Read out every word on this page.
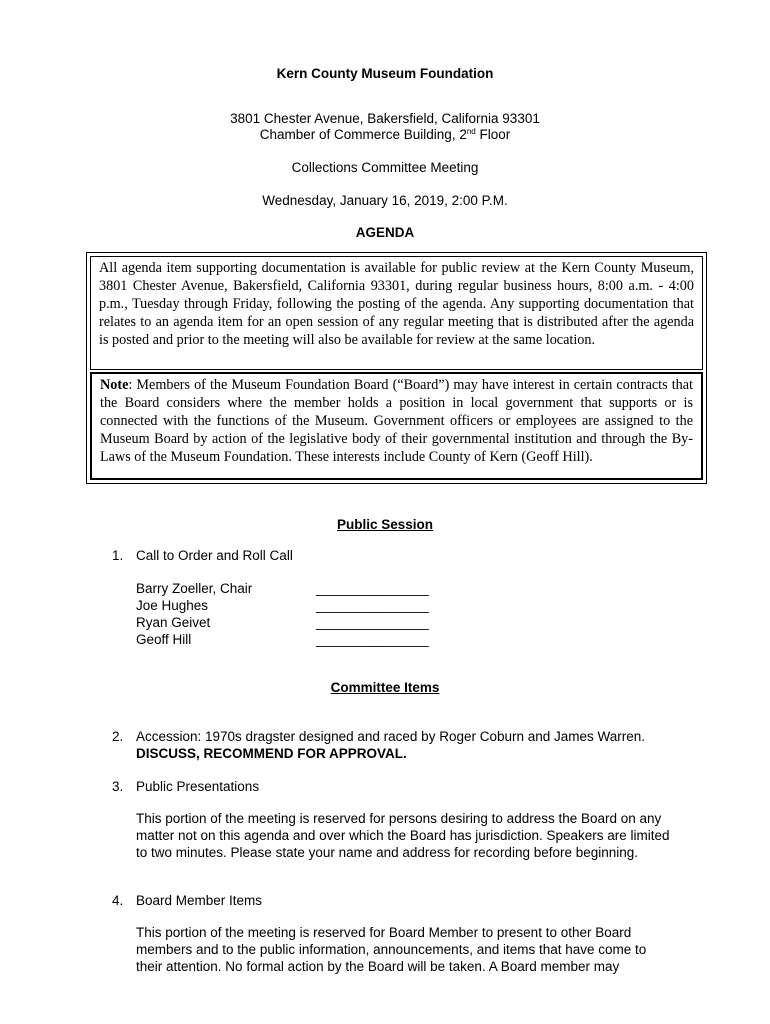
Kern County Museum Foundation
3801 Chester Avenue, Bakersfield, California 93301
Chamber of Commerce Building, 2nd Floor
Collections Committee Meeting
Wednesday, January 16, 2019, 2:00 P.M.
AGENDA
All agenda item supporting documentation is available for public review at the Kern County Museum, 3801 Chester Avenue, Bakersfield, California 93301, during regular business hours, 8:00 a.m. - 4:00 p.m., Tuesday through Friday, following the posting of the agenda. Any supporting documentation that relates to an agenda item for an open session of any regular meeting that is distributed after the agenda is posted and prior to the meeting will also be available for review at the same location.
Note: Members of the Museum Foundation Board (“Board”) may have interest in certain contracts that the Board considers where the member holds a position in local government that supports or is connected with the functions of the Museum. Government officers or employees are assigned to the Museum Board by action of the legislative body of their governmental institution and through the By-Laws of the Museum Foundation. These interests include County of Kern (Geoff Hill).
Public Session
1. Call to Order and Roll Call
Barry Zoeller, Chair	_______________
Joe Hughes	_______________
Ryan Geivet	_______________
Geoff Hill	_______________
Committee Items
2. Accession: 1970s dragster designed and raced by Roger Coburn and James Warren.
DISCUSS, RECOMMEND FOR APPROVAL.
3. Public Presentations
This portion of the meeting is reserved for persons desiring to address the Board on any matter not on this agenda and over which the Board has jurisdiction. Speakers are limited to two minutes. Please state your name and address for recording before beginning.
4. Board Member Items
This portion of the meeting is reserved for Board Member to present to other Board members and to the public information, announcements, and items that have come to their attention. No formal action by the Board will be taken. A Board member may
